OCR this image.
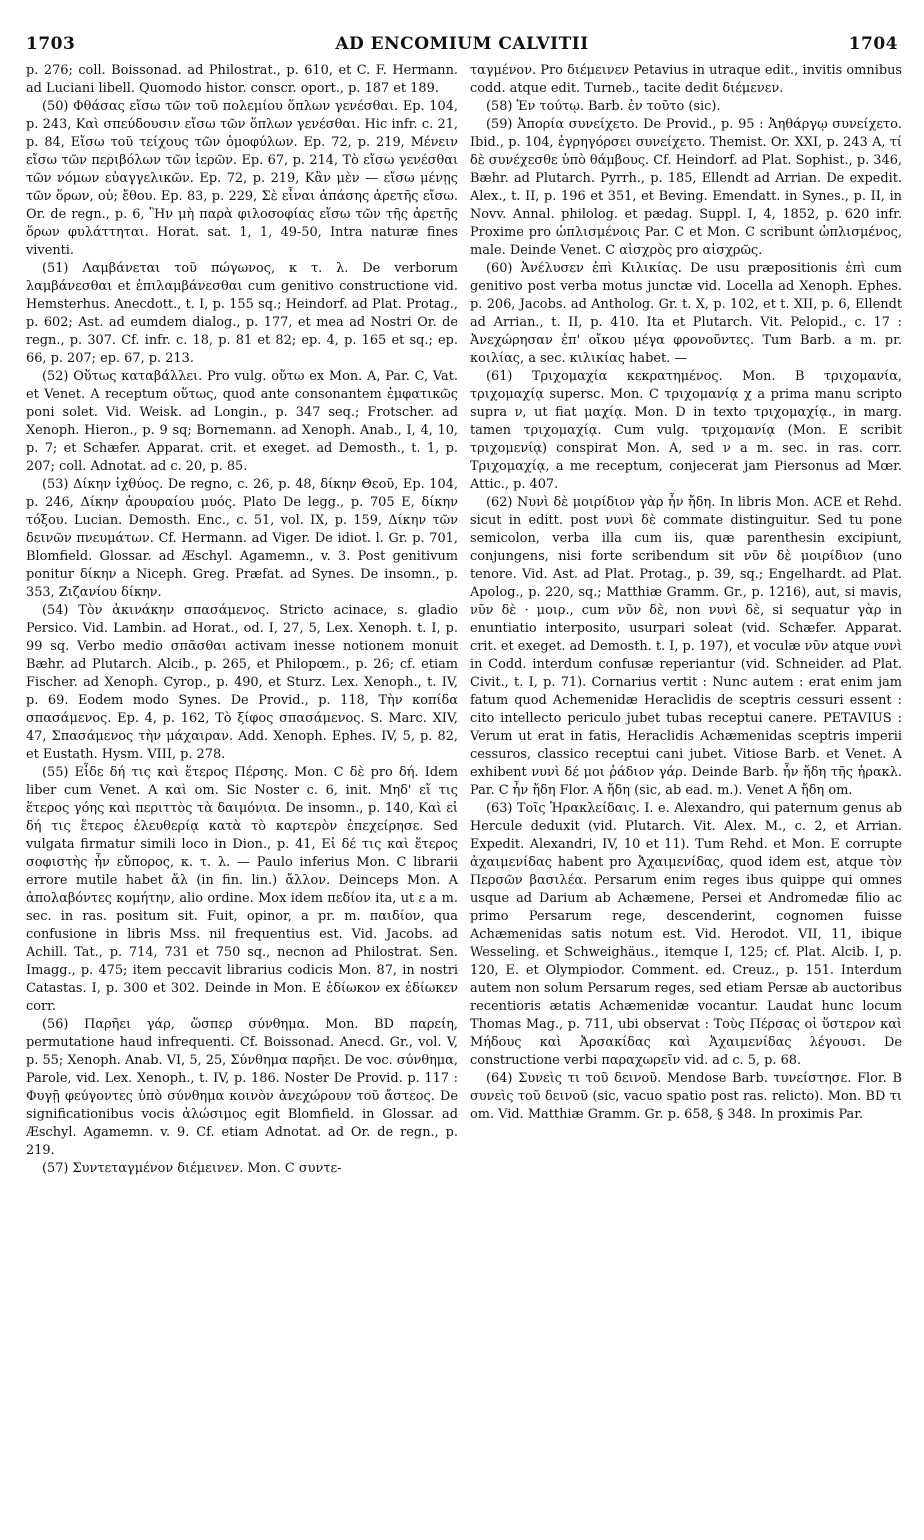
1703	AD ENCOMIUM CALVITII	1704

p. 276; coll. Boissonad. ad Philostrat., p. 610, et C. F. Hermann. ad Luciani libell. Quomodo histor. conscr. oport., p. 187 et 189.

(50) Φθάσας εἴσω τῶν τοῦ πολεμίου ὅπλων γενέσθαι. Ep. 104, p. 243, Καὶ σπεύδουσιν εἴσω τῶν ὅπλων γενέσθαι. Hic infr. c. 21, p. 84, Εἴσω τοῦ τείχους τῶν ὁμοφύλων. Ep. 72, p. 219, Μένειν εἴσω τῶν περιβόλων τῶν ἱερῶν. Ep. 67, p. 214, Τὸ εἴσω γενέσθαι τῶν νόμων εὐαγγελικῶν. Ep. 72, p. 219, Κἂν μὲν — εἴσω μένῃς τῶν ὅρων, οὐ; ἔθου. Ep. 83, p. 229, Σὲ εἶναι ἁπάσης ἀρετῆς εἴσω. Or. de regn., p. 6, Ἣν μὴ παρὰ φιλοσοφίας εἴσω τῶν τῆς ἀρετῆς ὅρων φυλάττηται. Horat. sat. 1, 1, 49-50, Intra naturæ fines viventi.

(51) Λαμβάνεται τοῦ πώγωνος, κ τ. λ. De verborum λαμβάνεσθαι et ἐπιλαμβάνεσθαι cum genitivo constructione vid. Hemsterhus. Anecdott., t. I, p. 155 sq.; Heindorf. ad Plat. Protag., p. 602; Ast. ad eumdem dialog., p. 177, et mea ad Nostri Or. de regn., p. 307. Cf. infr. c. 18, p. 81 et 82; ep. 4, p. 165 et sq.; ep. 66, p. 207; ep. 67, p. 213.

(52) Οὕτως καταβάλλει. Pro vulg. οὕτω ex Mon. A, Par. C, Vat. et Venet. A receptum οὕτως, quod ante consonantem ἐμφατικῶς poni solet. Vid. Weisk. ad Longin., p. 347 seq.; Frotscher. ad Xenoph. Hieron., p. 9 sq; Bornemann. ad Xenoph. Anab., I, 4, 10, p. 7; et Schæfer. Apparat. crit. et exeget. ad Demosth., t. 1, p. 207; coll. Adnotat. ad c. 20, p. 85.

(53) Δίκην ἰχθύος. De regno, c. 26, p. 48, δίκην Θεοῦ, Ep. 104, p. 246, Δίκην ἀρουραίου μυός. Plato De legg., p. 705 E, δίκην τόξου. Lucian. Demosth. Enc., c. 51, vol. IX, p. 159, Δίκην τῶν δεινῶν πνευμάτων. Cf. Hermann. ad Viger. De idiot. l. Gr. p. 701, Blomfield. Glossar. ad Æschyl. Agamemn., v. 3. Post genitivum ponitur δίκην a Niceph. Greg. Præfat. ad Synes. De insomn., p. 353, Ζιζανίου δίκην.

(54) Τὸν ἀκινάκην σπασάμενος. Stricto acinace, s. gladio Persico. Vid. Lambin. ad Horat., od. I, 27, 5, Lex. Xenoph. t. I, p. 99 sq. Verbo medio σπᾶσθαι activam inesse notionem monuit Bæhr. ad Plutarch. Alcib., p. 265, et Philopœm., p. 26; cf. etiam Fischer. ad Xenoph. Cyrop., p. 490, et Sturz. Lex. Xenoph., t. IV, p. 69. Eodem modo Synes. De Provid., p. 118, Τὴν κοπίδα σπασάμενος. Ep. 4, p. 162, Τὸ ξίφος σπασάμενος. S. Marc. XIV, 47, Σπασάμενος τὴν μάχαιραν. Add. Xenoph. Ephes. IV, 5, p. 82, et Eustath. Hysm. VIII, p. 278.

(55) Εἶδε δή τις καὶ ἕτερος Πέρσης. Mon. C δὲ pro δή. Idem liber cum Venet. A καὶ om. Sic Noster c. 6, init. Μηδ' εἴ τις ἕτερος γόης καὶ περιττὸς τὰ δαιμόνια. De insomn., p. 140, Καὶ εἰ δή τις ἕτερος ἐλευθερίᾳ κατὰ τὸ καρτερὸν ἐπεχείρησε. Sed vulgata firmatur simili loco in Dion., p. 41, Εἰ δέ τις καὶ ἕτερος σοφιστὴς ἦν εὔπορος, κ. τ. λ. — Paulo inferius Mon. C librarii errore mutile habet ἄλ (in fin. lin.) ἄλλον. Deinceps Mon. A ἀπολαβόντες κομήτην, alio ordine. Mox idem πεδίον ita, ut ε a m. sec. in ras. positum sit. Fuit, opinor, a pr. m. παιδίον, qua confusione in libris Mss. nil frequentius est. Vid. Jacobs. ad Achill. Tat., p. 714, 731 et 750 sq., necnon ad Philostrat. Sen. Imagg., p. 475; item peccavit librarius codicis Mon. 87, in nostri Catastas. I, p. 300 et 302. Deinde in Mon. E ἐδίωκον ex ἐδίωκεν corr.

(56) Παρῆει γάρ, ὥσπερ σύνθημα. Mon. BD παρείη, permutatione haud infrequenti. Cf. Boissonad. Anecd. Gr., vol. V, p. 55; Xenoph. Anab. VI, 5, 25, Σύνθημα παρῆει. De voc. σύνθημα, Parole, vid. Lex. Xenoph., t. IV, p. 186. Noster De Provid. p. 117 : Φυγῇ φεύγοντες ὑπὸ σύνθημα κοινὸν ἀνεχώρουν τοῦ ἄστεος. De significationibus vocis ἀλώσιμος egit Blomfield. in Glossar. ad Æschyl. Agamemn. v. 9. Cf. etiam Adnotat. ad Or. de regn., p. 219.

(57) Συντεταγμένον διέμεινεν. Mon. C συντε-

ταγμένον. Pro διέμεινεν Petavius in utraque edit., invitis omnibus codd. atque edit. Turneb., tacite dedit διέμενεν.

(58) Ἐν τούτῳ. Barb. ἐν τοῦτο (sic).

(59) Ἀπορία συνείχετο. De Provid., p. 95 : Ἀηθάργῳ συνείχετο. Ibid., p. 104, ἐγρηγόρσει συνείχετο. Themist. Or. XXI, p. 243 A, τί δὲ συνέχεσθε ὑπὸ θάμβους. Cf. Heindorf. ad Plat. Sophist., p. 346, Bæhr. ad Plutarch. Pyrrh., p. 185, Ellendt ad Arrian. De expedit. Alex., t. II, p. 196 et 351, et Beving. Emendatt. in Synes., p. II, in Novv. Annal. philolog. et pædag. Suppl. I, 4, 1852, p. 620 infr. Proxime pro ὡπλισμένοις Par. C et Mon. C scribunt ὡπλισμένος, male. Deinde Venet. C αἰσχρὸς pro αἰσχρῶς.

(60) Ἀνέλυσεν ἐπὶ Κιλικίας. De usu præpositionis ἐπὶ cum genitivo post verba motus junctæ vid. Locella ad Xenoph. Ephes. p. 206, Jacobs. ad Antholog. Gr. t. X, p. 102, et t. XII, p. 6, Ellendt ad Arrian., t. II, p. 410. Ita et Plutarch. Vit. Pelopid., c. 17 : Ἀνεχώρησαν ἐπ' οἴκου μέγα φρονοῦντες. Tum Barb. a m. pr. κοιλίας, a sec. κιλικίας habet. —

(61) Τριχομαχία κεκρατημένος. Mon. B τριχομανία, τριχομαχίᾳ supersc. Mon. C τριχομανίᾳ χ a prima manu scripto supra ν, ut fiat μαχίᾳ. Mon. D in texto τριχομαχίᾳ., in marg. tamen τριχομαχίᾳ. Cum vulg. τριχομανίᾳ (Mon. E scribit τριχομενίᾳ) conspirat Mon. A, sed ν a m. sec. in ras. corr. Τριχομαχίᾳ, a me receptum, conjecerat jam Piersonus ad Mœr. Attic., p. 407.

(62) Νυνὶ δὲ μοιρίδιον γὰρ ἦν ἤδη. In libris Mon. ACE et Rehd. sicut in editt. post νυνὶ δὲ commate distinguitur. Sed tu pone semicolon, verba illa cum iis, quæ parenthesin excipiunt, conjungens, nisi forte scribendum sit νῦν δὲ μοιρίδιον (uno tenore. Vid. Ast. ad Plat. Protag., p. 39, sq.; Engelhardt. ad Plat. Apolog., p. 220, sq.; Matthiæ Gramm. Gr., p. 1216), aut, si mavis, νῦν δὲ · μοιρ., cum νῦν δὲ, non νυνὶ δὲ, si sequatur γὰρ in enuntiatio interposito, usurpari soleat (vid. Schæfer. Apparat. crit. et exeget. ad Demosth. t. I, p. 197), et voculæ νῦν atque νυνὶ in Codd. interdum confusæ reperiantur (vid. Schneider. ad Plat. Civit., t. I, p. 71). Cornarius vertit : Nunc autem : erat enim jam fatum quod Achemenidæ Heraclidis de sceptris cessuri essent : cito intellecto periculo jubet tubas receptui canere. PETAVIUS : Verum ut erat in fatis, Heraclidis Achæmenidas sceptris imperii cessuros, classico receptui cani jubet. Vitiose Barb. et Venet. A exhibent νυνὶ δέ μοι ῥάδιον γάρ. Deinde Barb. ἦν ἤδη τῆς ἡρακλ. Par. C ἦν ἤδη Flor. A ἤδη (sic, ab ead. m.). Venet A ἤδη om.

(63) Τοῖς Ἡρακλείδαις. I. e. Alexandro, qui paternum genus ab Hercule deduxit (vid. Plutarch. Vit. Alex. M., c. 2, et Arrian. Expedit. Alexandri, IV, 10 et 11). Tum Rehd. et Mon. E corrupte ἀχαιμενίδας habent pro Ἀχαιμενίδας, quod idem est, atque τὸν Περσῶν βασιλέα. Persarum enim reges ibus quippe qui omnes usque ad Darium ab Achæmene, Persei et Andromedæ filio ac primo Persarum rege, descenderint, cognomen fuisse Achæmenidas satis notum est. Vid. Herodot. VII, 11, ibique Wesseling. et Schweighäus., itemque I, 125; cf. Plat. Alcib. I, p. 120, E. et Olympiodor. Comment. ed. Creuz., p. 151. Interdum autem non solum Persarum reges, sed etiam Persæ ab auctoribus recentioris ætatis Achæmenidæ vocantur. Laudat hunc locum Thomas Mag., p. 711, ubi observat : Τοὺς Πέρσας οἱ ὕστερον καὶ Μήδους καὶ Ἀρσακίδας καὶ Ἀχαιμενίδας λέγουσι. De constructione verbi παραχωρεῖν vid. ad c. 5, p. 68.

(64) Συνεὶς τι τοῦ δεινοῦ. Mendose Barb. τυνείστησε. Flor. B συνεὶς τοῦ δεινοῦ (sic, vacuo spatio post ras. relicto). Mon. BD τι om. Vid. Matthiæ Gramm. Gr. p. 658, § 348. In proximis Par.
